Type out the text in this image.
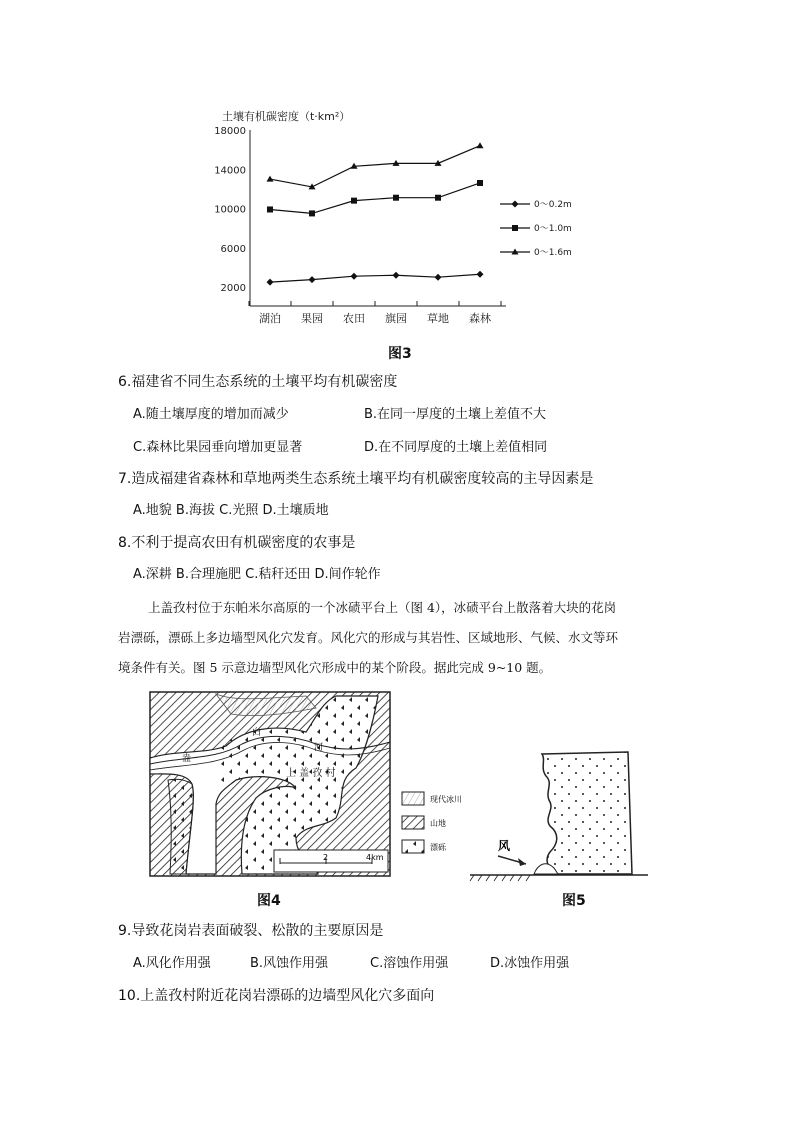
土壤有机碳密度（t·km²）
18000
14000
10000
6000
2000
湖泊 果园 农田 旗园 草地 森林
0～0.2m
0～1.0m
0～1.6m
图3
6.福建省不同生态系统的土壤平均有机碳密度
A.随土壤厚度的增加而减少	B.在同一厚度的土壤上差值不大
C.森林比果园垂向增加更显著	D.在不同厚度的土壤上差值相同
7.造成福建省森林和草地两类生态系统土壤平均有机碳密度较高的主导因素是
A.地貌 B.海拔 C.光照 D.土壤质地
8.不利于提高农田有机碳密度的农事是
A.深耕 B.合理施肥 C.秸秆还田 D.间作轮作
上盖孜村位于东帕米尔高原的一个冰碛平台上（图 4），冰碛平台上散落着大块的花岗
岩漂砾，漂砾上多边墙型风化穴发育。风化穴的形成与其岩性、区域地形、气候、水文等环
境条件有关。图 5 示意边墙型风化穴形成中的某个阶段。据此完成 9~10 题。
盎
白
河
上 盖 孜 村
2	4km
现代冰川
山地
漂砾
图4
风
图5
9.导致花岗岩表面破裂、松散的主要原因是
A.风化作用强	B.风蚀作用强	C.溶蚀作用强	D.冰蚀作用强
10.上盖孜村附近花岗岩漂砾的边墙型风化穴多面向
